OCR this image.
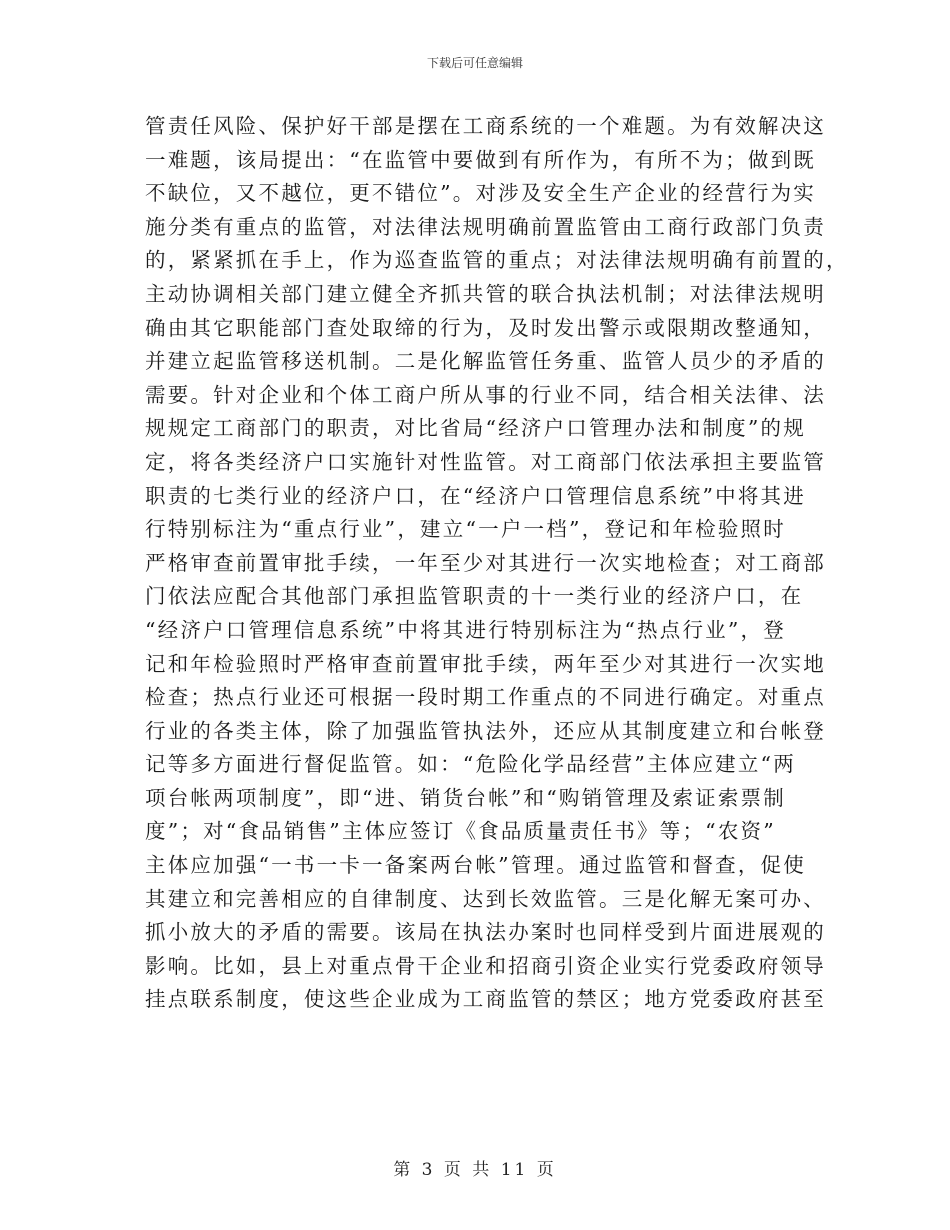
下载后可任意编辑
管责任风险、保护好干部是摆在工商系统的一个难题。为有效解决这
一难题，该局提出：“在监管中要做到有所作为，有所不为；做到既
不缺位，又不越位，更不错位”。对涉及安全生产企业的经营行为实
施分类有重点的监管，对法律法规明确前置监管由工商行政部门负责
的，紧紧抓在手上，作为巡查监管的重点；对法律法规明确有前置的，
主动协调相关部门建立健全齐抓共管的联合执法机制；对法律法规明
确由其它职能部门查处取缔的行为，及时发出警示或限期改整通知，
并建立起监管移送机制。二是化解监管任务重、监管人员少的矛盾的
需要。针对企业和个体工商户所从事的行业不同，结合相关法律、法
规规定工商部门的职责，对比省局“经济户口管理办法和制度”的规
定，将各类经济户口实施针对性监管。对工商部门依法承担主要监管
职责的七类行业的经济户口，在“经济户口管理信息系统”中将其进
行特别标注为“重点行业”，建立“一户一档”，登记和年检验照时
严格审查前置审批手续，一年至少对其进行一次实地检查；对工商部
门依法应配合其他部门承担监管职责的十一类行业的经济户口，在
“经济户口管理信息系统”中将其进行特别标注为“热点行业”，登
记和年检验照时严格审查前置审批手续，两年至少对其进行一次实地
检查；热点行业还可根据一段时期工作重点的不同进行确定。对重点
行业的各类主体，除了加强监管执法外，还应从其制度建立和台帐登
记等多方面进行督促监管。如：“危险化学品经营”主体应建立“两
项台帐两项制度”，即“进、销货台帐”和“购销管理及索证索票制
度”；对“食品销售”主体应签订《食品质量责任书》等；“农资”
主体应加强“一书一卡一备案两台帐”管理。通过监管和督查，促使
其建立和完善相应的自律制度、达到长效监管。三是化解无案可办、
抓小放大的矛盾的需要。该局在执法办案时也同样受到片面进展观的
影响。比如，县上对重点骨干企业和招商引资企业实行党委政府领导
挂点联系制度，使这些企业成为工商监管的禁区；地方党委政府甚至
第 3 页 共 11 页
